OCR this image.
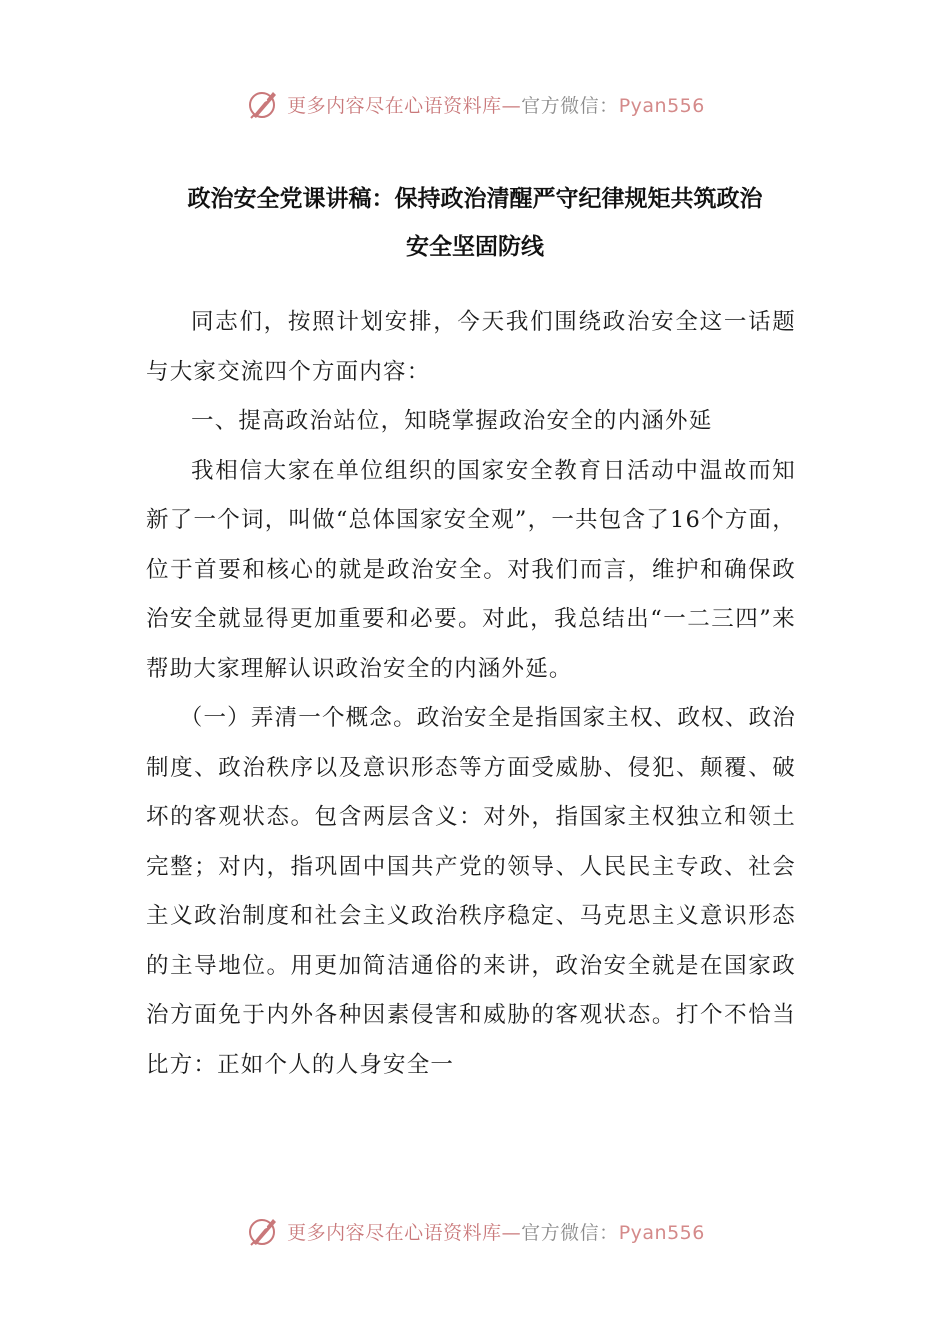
更多内容尽在心语资料库—官方微信：Pyan556
政治安全党课讲稿：保持政治清醒严守纪律规矩共筑政治
安全坚固防线

同志们，按照计划安排，今天我们围绕政治安全这一话题与大家交流四个方面内容：

一、提高政治站位，知晓掌握政治安全的内涵外延

我相信大家在单位组织的国家安全教育日活动中温故而知新了一个词，叫做“总体国家安全观”，一共包含了16个方面，位于首要和核心的就是政治安全。对我们而言，维护和确保政治安全就显得更加重要和必要。对此，我总结出“一二三四”来帮助大家理解认识政治安全的内涵外延。

（一）弄清一个概念。政治安全是指国家主权、政权、政治制度、政治秩序以及意识形态等方面受威胁、侵犯、颠覆、破坏的客观状态。包含两层含义：对外，指国家主权独立和领土完整；对内，指巩固中国共产党的领导、人民民主专政、社会主义政治制度和社会主义政治秩序稳定、马克思主义意识形态的主导地位。用更加简洁通俗的来讲，政治安全就是在国家政治方面免于内外各种因素侵害和威胁的客观状态。打个不恰当比方：正如个人的人身安全一

更多内容尽在心语资料库—官方微信：Pyan556
